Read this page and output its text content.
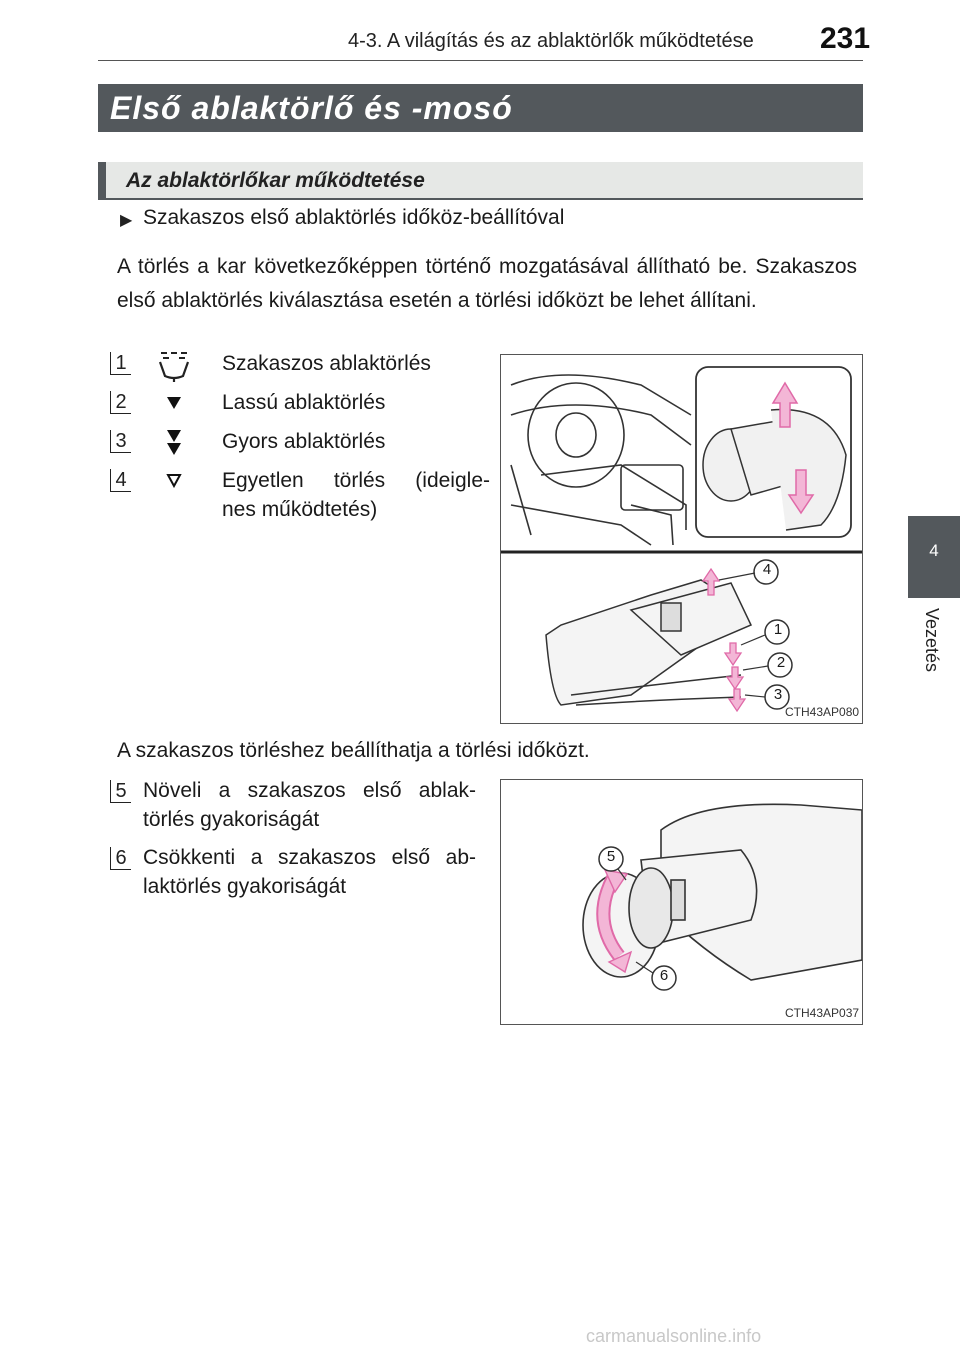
4-3. A világítás és az ablaktörlők működtetése 231
Első ablaktörlő és -mosó
Az ablaktörlőkar működtetése
4
Vezetés
▶ Szakaszos első ablaktörlés időköz-beállítóval
A törlés a kar következőképpen történő mozgatásával állítható be. Szakaszos első ablaktörlés kiválasztása esetén a törlési időközt be lehet állítani.
1	Szakaszos ablaktörlés
2	Lassú ablaktörlés
3	Gyors ablaktörlés
4	Egyetlen törlés (ideigle-
nes működtetés)
4
1
2
3
CTH43AP080
A szakaszos törléshez beállíthatja a törlési időközt.
5 Növeli a szakaszos első ablak-
törlés gyakoriságát
6 Csökkenti a szakaszos első ab-
laktörlés gyakoriságát
5
6
CTH43AP037
carmanualsonline.info
